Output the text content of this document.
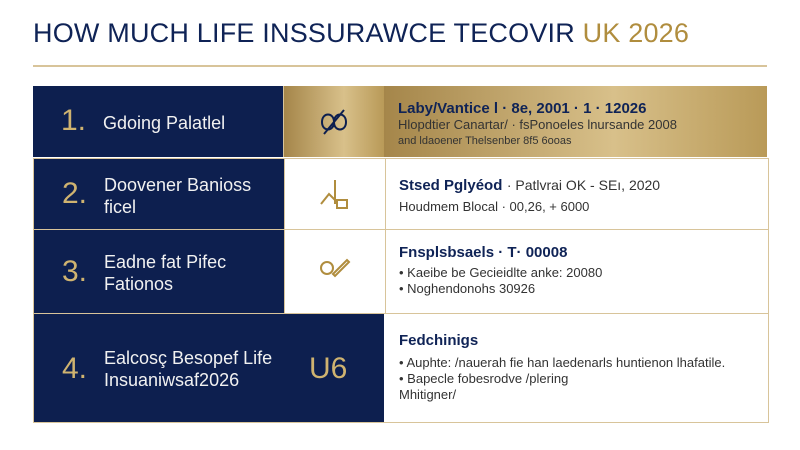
HOW MUCH LIFE INSSURAWCE TECOVIR UK 2026
1. Gdoing Palatlel
Laby/Vantice l · 8e, 2001 · 1 · 12026
Hlopdtier Canartar/ · fsPonoeles lnursande 2008
and ldaoener Thelsenber 8f5 6ooas
2. Doovener Banioss ficel
Stsed Pglyéod · Patlvrai OK - SEı, 2020
Houdmem Blocal · 00,26, + 6000
3. Eadne fat Pifec Fationos
Fnsplsbsaels · T· 00008
• Kaeibe be Gecieidlte anke: 20080
• Noghendonohs 30926
4. Ealcosç Besopef Life Insuaniwsaf2026	U6
Fedchinigs
• Auphte: /nauerah fie han laedenarls huntienon lhafatile.
• Bapecle fobesrodve /plering
Mhitigner/
